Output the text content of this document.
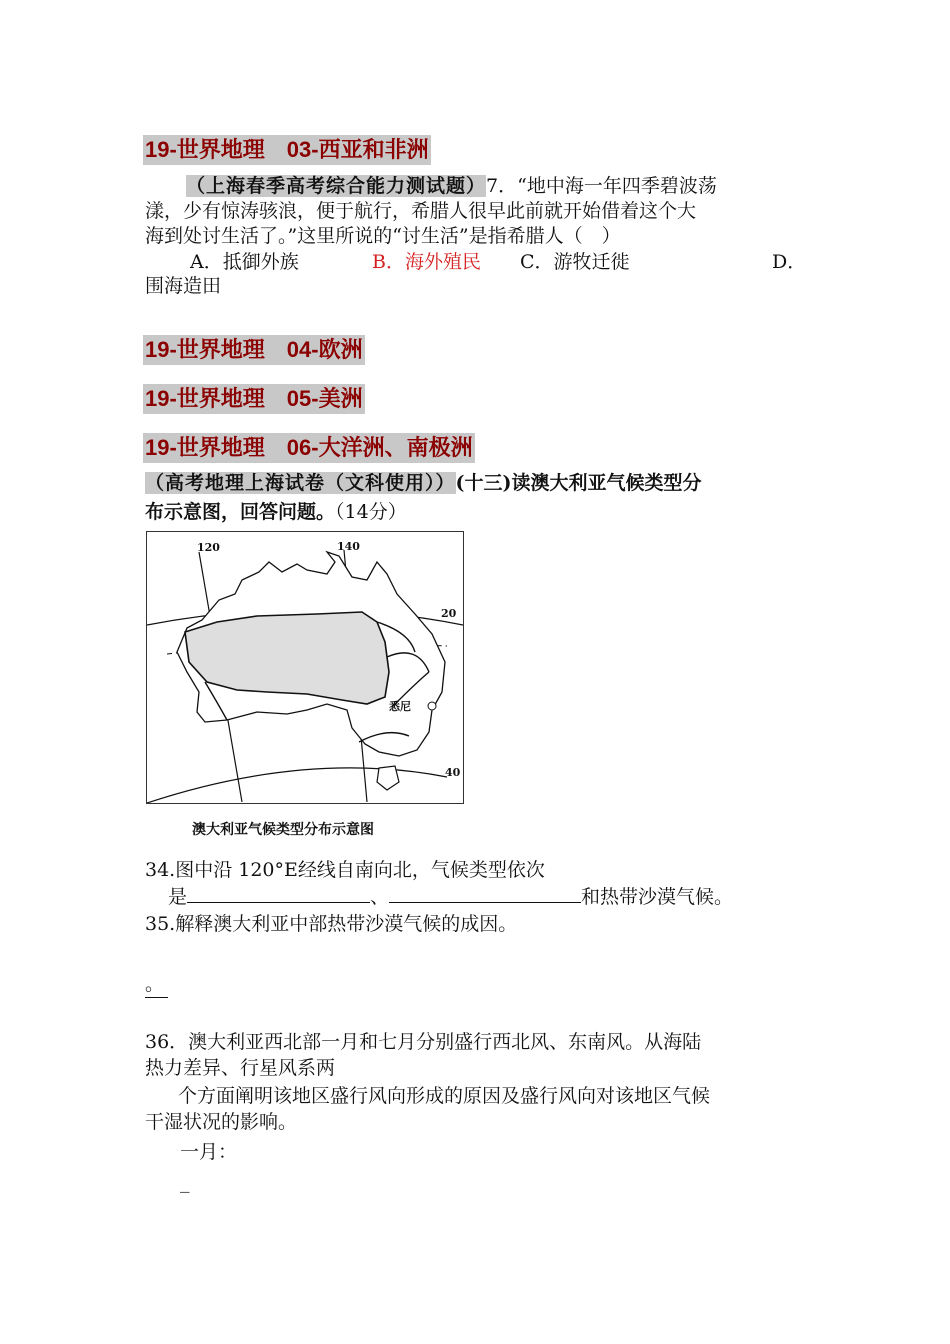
19-世界地理　03-西亚和非洲
（上海春季高考综合能力测试题）7．“地中海一年四季碧波荡
漾，少有惊涛骇浪，便于航行，希腊人很早此前就开始借着这个大
海到处讨生活了。”这里所说的“讨生活”是指希腊人（　）
A．抵御外族	B．海外殖民 C．游牧迁徙	D．
围海造田
19-世界地理　04-欧洲
19-世界地理　05-美洲
19-世界地理　06-大洋洲、南极洲
（高考地理上海试卷（文科使用））(十三)读澳大利亚气候类型分
布示意图，回答问题。（14分）
120	140
20
40
悉尼
澳大利亚气候类型分布示意图
34.图中沿 120°E经线自南向北，气候类型依次
是	、	和热带沙漠气候。
35.解释澳大利亚中部热带沙漠气候的成因。
。
36．澳大利亚西北部一月和七月分别盛行西北风、东南风。从海陆
热力差异、行星风系两
个方面阐明该地区盛行风向形成的原因及盛行风向对该地区气候
干湿状况的影响。
一月：
_
